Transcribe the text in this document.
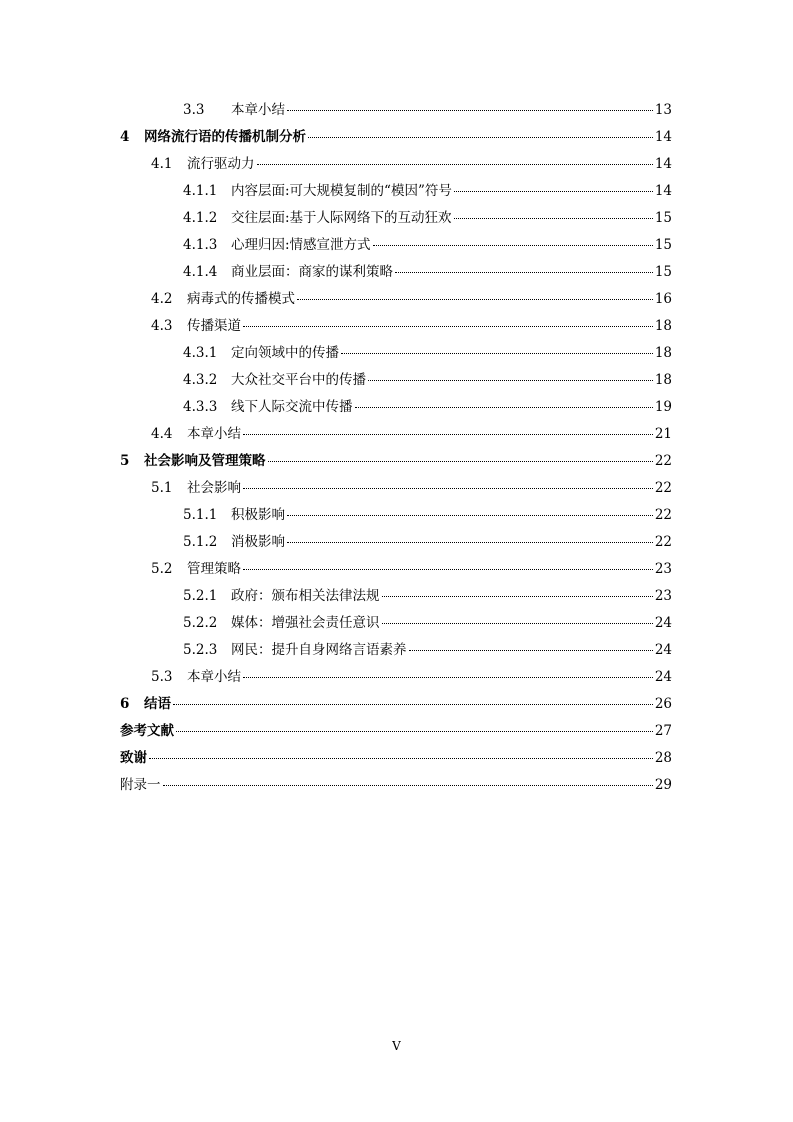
3.3	本章小结	13
4	网络流行语的传播机制分析	14
4.1	流行驱动力	14
4.1.1	内容层面:可大规模复制的“模因”符号	14
4.1.2	交往层面:基于人际网络下的互动狂欢	15
4.1.3	心理归因:情感宣泄方式	15
4.1.4	商业层面：商家的谋利策略	15
4.2	病毒式的传播模式	16
4.3	传播渠道	18
4.3.1	定向领域中的传播	18
4.3.2	大众社交平台中的传播	18
4.3.3	线下人际交流中传播	19
4.4	本章小结	21
5	社会影响及管理策略	22
5.1	社会影响	22
5.1.1	积极影响	22
5.1.2	消极影响	22
5.2	管理策略	23
5.2.1	政府：颁布相关法律法规	23
5.2.2	媒体：增强社会责任意识	24
5.2.3	网民：提升自身网络言语素养	24
5.3	本章小结	24
6	结语	26
参考文献	27
致谢	28
附录一	29
V
